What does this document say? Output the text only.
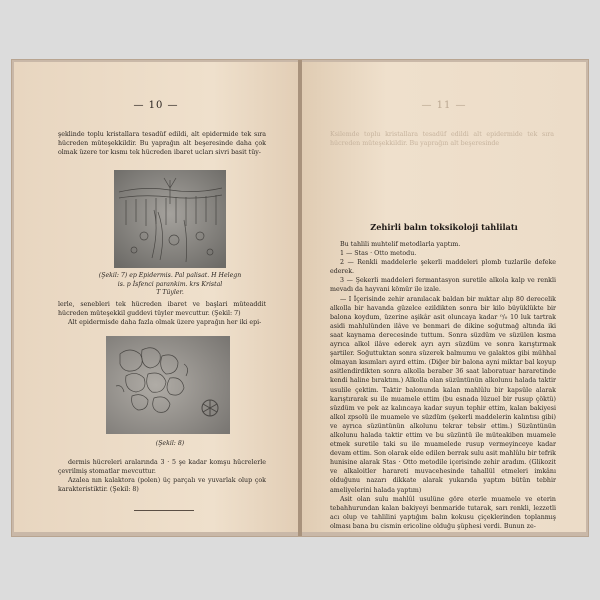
— 10 —

şeklinde toplu kristallara tesadüf edildi, alt epidermide tek sıra hücreden müteşekkildir. Bu yaprağın alt beşeresinde daha çok olmak üzere tor kısmı tek hücreden ibaret ucları sivri basit tüy-

(Şekil: 7) ep Epidermis. Pal palisat. H Helegn
is. p İsfenci parankim. krs Kristal
T Tüyler.

lerle, senebleri tek hücreden ibaret ve başlari müteaddit hücreden müteşekkil guddevi tüyler mevcuttur. (Şekil: 7)

Alt epidermisde daha fazla olmak üzere yaprağın her iki epi-

(Şekil: 8)

dermis hücreleri aralarında 3 · 5 şe kadar komşu hücrelerle çevrilmiş stomatlar mevcuttur.

Azalea nın kalaktora (polen) üç parçalı ve yuvarlak olup çok karakteristiktir. (Şekil: 8)

— 11 —

Ksilemde toplu kristallara tesadüf edildi alt epidermide tek sıra hücreden müteşekkildir. Bu yaprağın alt beşeresinde

Zehirli balın toksikoloji tahlilatı

Bu tahlili muhtelif metodlarla yaptım.

1 — Stas · Otto metodu.

2 — Renkli maddelerle şekerli maddeleri plomb tuzlarile defeke ederek.

3 — Şekerli maddeleri fermantasyon suretile alkola kalp ve renkli mevadı da hayvani kömür ile izale.

— I İçerisinde zehir aranılacak baldan bir mıktar alıp 80 derecelik alkolla bir havanda güzelce ezildikten sonra bir kilo büyüklükte bir balona koydum, üzerine aşikâr asit oluncaya kadar ⁰/₀ 10 luk tartrak asidi mahlulünden ilâve ve benmari de dikine soğutmağ altında iki saat kaynama derecesinde tuttum. Sonra süzdüm ve süzülen kısma ayrıca alkol ilâve ederek ayrı ayrı süzdüm ve sonra karıştırmak şartiler. Soğuttuktan sonra süzerek balmumu ve galaktos gibi mühhal olmayan kısımları ayırd ettim. (Diğer bir balona ayni miktar bal koyup asitlendirdikten sonra alkolla beraber 36 saat laboratuar hararetinde kendi haline bıraktım.) Alkolla olan süzüntünün alkolunu halada taktir usulile çektim. Taktir balonunda kalan mahlûlu bir kapsüle alarak karıştırarak su ile muamele ettim (bu esnada lüzuel bir rusup çöktü) süzdüm ve pek az kalıncaya kadar suyun tephir ettim, kalan bakiyesi alkol zpsolü ile muamele ve süzdüm (şekerli maddelerin kalıntısı gibi) ve ayrıca süzüntünün alkolunu tekrar tebsir ettim.) Süzüntünün alkolunu halada taktir ettim ve bu süzüntü ile müteakiben muamele etmek suretile taki su ile muamelede rusup vermeyinceye kadar devam ettim. Son olarak elde edilen berrak sulu asit mahlûlu bir tefrik hunisine alarak Stas · Otto metodile içerisinde zehir aradım. (Glikozit ve alkaloitler harareti muvacehesinde tahallül etmeleri imkânı olduğunu nazarı dikkate alarak yukarıda yaptım bütün tebhir ameliyelerini halada yaptım)

Asit olan sulu mahlûl usulüne göre eterle muamele ve eterin tebahhurundan kalan bakiyeyi benmaride tutarak, sarı renkli, lezzetli acı olup ve tahlilini yaptığım balın kokusu çiçeklerinden toplanmış olması bana bu cismin ericoline olduğu şüphesi verdi. Bunun ze-
